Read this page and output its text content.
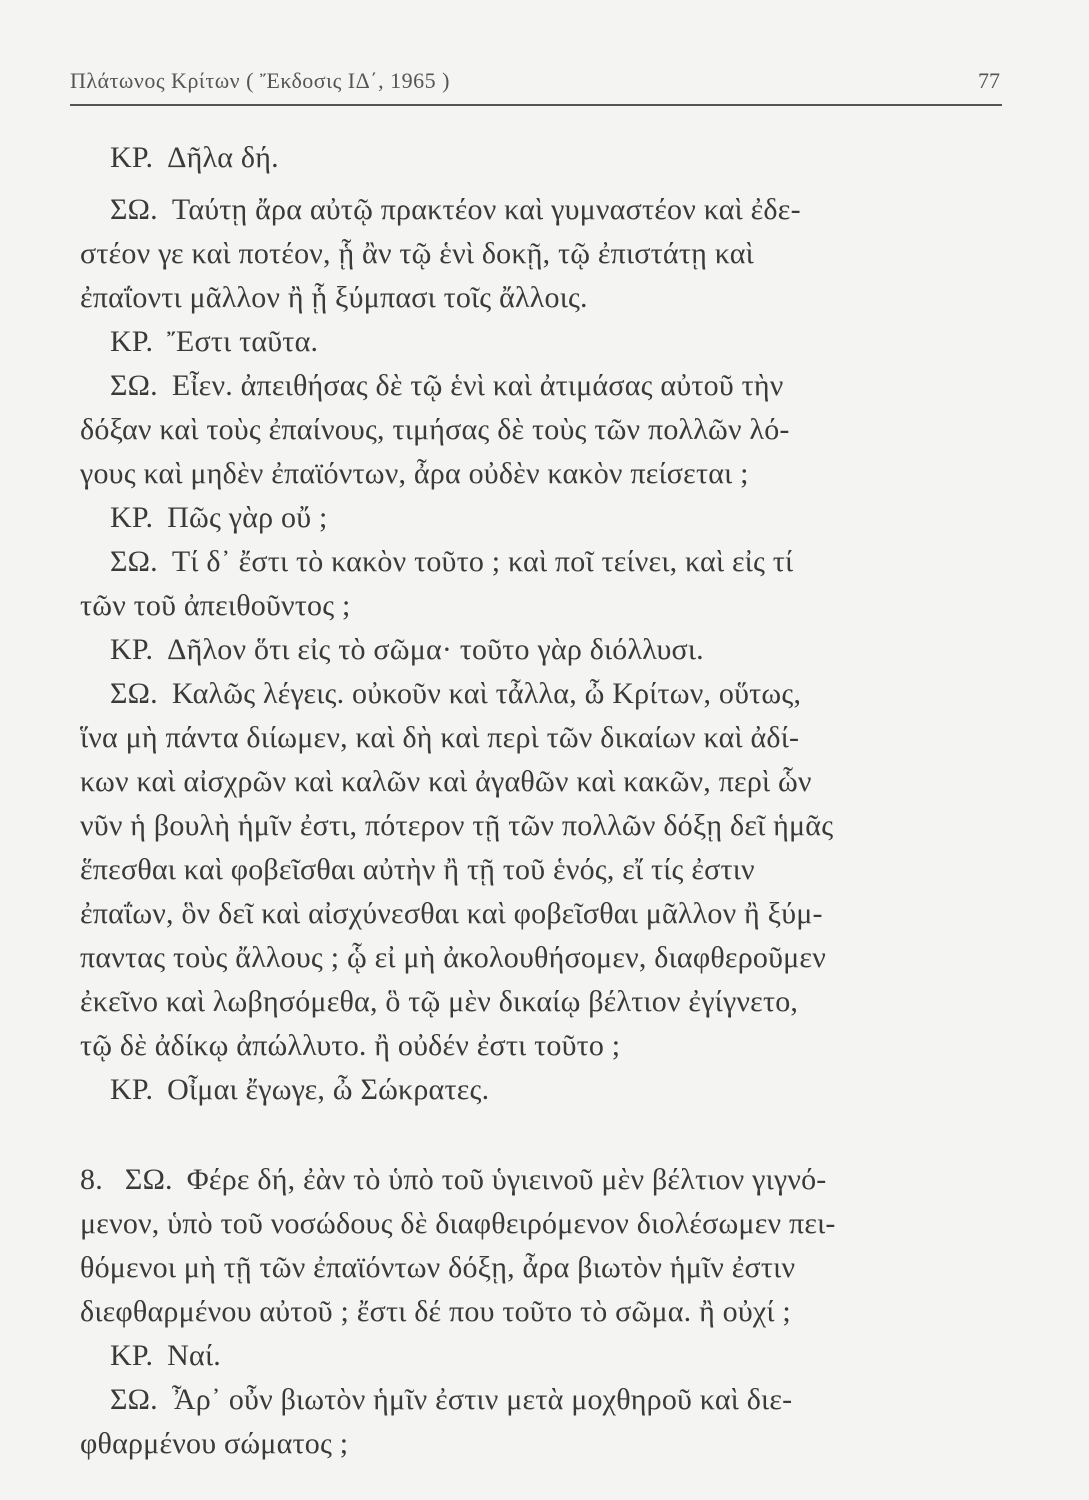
Πλάτωνος Κρίτων ( Ἔκδοσις ΙΔ΄, 1965 )	77
ΚΡ. Δῆλα δή.
ΣΩ. Ταύτῃ ἄρα αὐτῷ πρακτέον καὶ γυμναστέον καὶ ἐδε-
στέον γε καὶ ποτέον, ᾗ ἂν τῷ ἑνὶ δοκῇ, τῷ ἐπιστάτῃ καὶ
ἐπαΐοντι μᾶλλον ἢ ᾗ ξύμπασι τοῖς ἄλλοις.
ΚΡ. Ἔστι ταῦτα.
ΣΩ. Εἶεν. ἀπειθήσας δὲ τῷ ἑνὶ καὶ ἀτιμάσας αὐτοῦ τὴν
δόξαν καὶ τοὺς ἐπαίνους, τιμήσας δὲ τοὺς τῶν πολλῶν λό-
γους καὶ μηδὲν ἐπαϊόντων, ἆρα οὐδὲν κακὸν πείσεται ;
ΚΡ. Πῶς γὰρ οὔ ;
ΣΩ. Τί δ᾽ ἔστι τὸ κακὸν τοῦτο ; καὶ ποῖ τείνει, καὶ εἰς τί
τῶν τοῦ ἀπειθοῦντος ;
ΚΡ. Δῆλον ὅτι εἰς τὸ σῶμα· τοῦτο γὰρ διόλλυσι.
ΣΩ. Καλῶς λέγεις. οὐκοῦν καὶ τἆλλα, ὦ Κρίτων, οὕτως,
ἵνα μὴ πάντα διίωμεν, καὶ δὴ καὶ περὶ τῶν δικαίων καὶ ἀδί-
κων καὶ αἰσχρῶν καὶ καλῶν καὶ ἀγαθῶν καὶ κακῶν, περὶ ὧν
νῦν ἡ βουλὴ ἡμῖν ἐστι, πότερον τῇ τῶν πολλῶν δόξῃ δεῖ ἡμᾶς
ἕπεσθαι καὶ φοβεῖσθαι αὐτὴν ἢ τῇ τοῦ ἑνός, εἴ τίς ἐστιν
ἐπαΐων, ὃν δεῖ καὶ αἰσχύνεσθαι καὶ φοβεῖσθαι μᾶλλον ἢ ξύμ-
παντας τοὺς ἄλλους ; ᾧ εἰ μὴ ἀκολουθήσομεν, διαφθεροῦμεν
ἐκεῖνο καὶ λωβησόμεθα, ὃ τῷ μὲν δικαίῳ βέλτιον ἐγίγνετο,
τῷ δὲ ἀδίκῳ ἀπώλλυτο. ἢ οὐδέν ἐστι τοῦτο ;
ΚΡ. Οἶμαι ἔγωγε, ὦ Σώκρατες.
8. ΣΩ. Φέρε δή, ἐὰν τὸ ὑπὸ τοῦ ὑγιεινοῦ μὲν βέλτιον γιγνό-
μενον, ὑπὸ τοῦ νοσώδους δὲ διαφθειρόμενον διολέσωμεν πει-
θόμενοι μὴ τῇ τῶν ἐπαϊόντων δόξῃ, ἆρα βιωτὸν ἡμῖν ἐστιν
διεφθαρμένου αὐτοῦ ; ἔστι δέ που τοῦτο τὸ σῶμα. ἢ οὐχί ;
ΚΡ. Ναί.
ΣΩ. Ἆρ᾽ οὖν βιωτὸν ἡμῖν ἐστιν μετὰ μοχθηροῦ καὶ διε-
φθαρμένου σώματος ;
